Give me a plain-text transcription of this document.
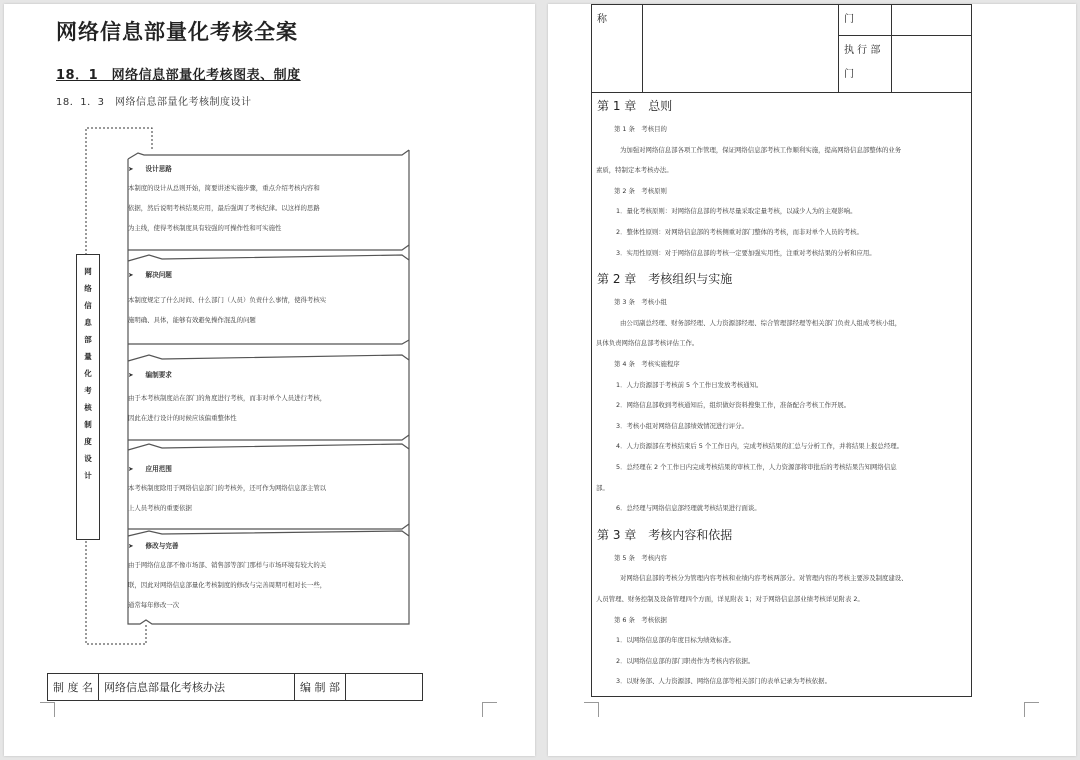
网络信息部量化考核全案
18．1　网络信息部量化考核图表、制度
18．1．3　网络信息部量化考核制度设计
网
络
信
息
部
量
化
考
核
制
度
设
计
➤ 设计思路
本制度的设计从总则开始，简要讲述实施步骤，重点介绍考核内容和
依据，然后说明考核结果应用，最后强调了考核纪律。以这样的思路
为主线，使得考核制度具有较强的可操作性和可实施性
➤ 解决问题
本制度规定了什么时间、什么部门（人员）负责什么事情，使得考核实
施明确、具体，能够有效避免操作混乱的问题
➤ 编制要求
由于本考核制度站在部门的角度进行考核，而非对单个人员进行考核，
因此在进行设计的时候应该偏重整体性
➤ 应用范围
本考核制度除用于网络信息部门的考核外，还可作为网络信息部主管以
上人员考核的重要依据
➤ 修改与完善
由于网络信息部不像市场部、销售部等部门那样与市场环境有较大的关
联，因此对网络信息部量化考核制度的修改与完善周期可相对长一些，
通常每年修改一次
制 度 名	网络信息部量化考核办法	编 制 部	
称		门	

		执 行 部
门	

第 1 章　总则
第 1 条　考核目的
为加强对网络信息部各项工作管理，保证网络信息部考核工作顺利实施，提高网络信息部整体的业务
素质，特制定本考核办法。
第 2 条　考核原则
1．量化考核原则：对网络信息部的考核尽量采取定量考核，以减少人为的主观影响。
2．整体性原则：对网络信息部的考核侧重对部门整体的考核，而非对单个人员的考核。
3．实用性原则：对于网络信息部的考核一定要加强实用性，注重对考核结果的分析和应用。
第 2 章　考核组织与实施
第 3 条　考核小组
由公司副总经理、财务部经理、人力资源部经理、综合管理部经理等相关部门负责人组成考核小组，
具体负责网络信息部考核评估工作。
第 4 条　考核实施程序
1．人力资源部于考核前 5 个工作日发放考核通知。
2．网络信息部收到考核通知后，组织做好资料搜集工作，准备配合考核工作开展。
3．考核小组对网络信息部绩效情况进行评分。
4．人力资源部在考核结束后 5 个工作日内，完成考核结果的汇总与分析工作，并将结果上报总经理。
5．总经理在 2 个工作日内完成考核结果的审核工作，人力资源部将审批后的考核结果告知网络信息
部。
6．总经理与网络信息部经理就考核结果进行面谈。
第 3 章　考核内容和依据
第 5 条　考核内容
对网络信息部的考核分为管理内容考核和业绩内容考核两部分。对管理内容的考核主要涉及制度建设、
人员管理、财务控制及设备管理四个方面，详见附表 1；对于网络信息部业绩考核详见附表 2。
第 6 条　考核依据
1．以网络信息部的年度目标为绩效标准。
2．以网络信息部的部门职责作为考核内容依据。
3．以财务部、人力资源部、网络信息部等相关部门的表单记录为考核依据。
